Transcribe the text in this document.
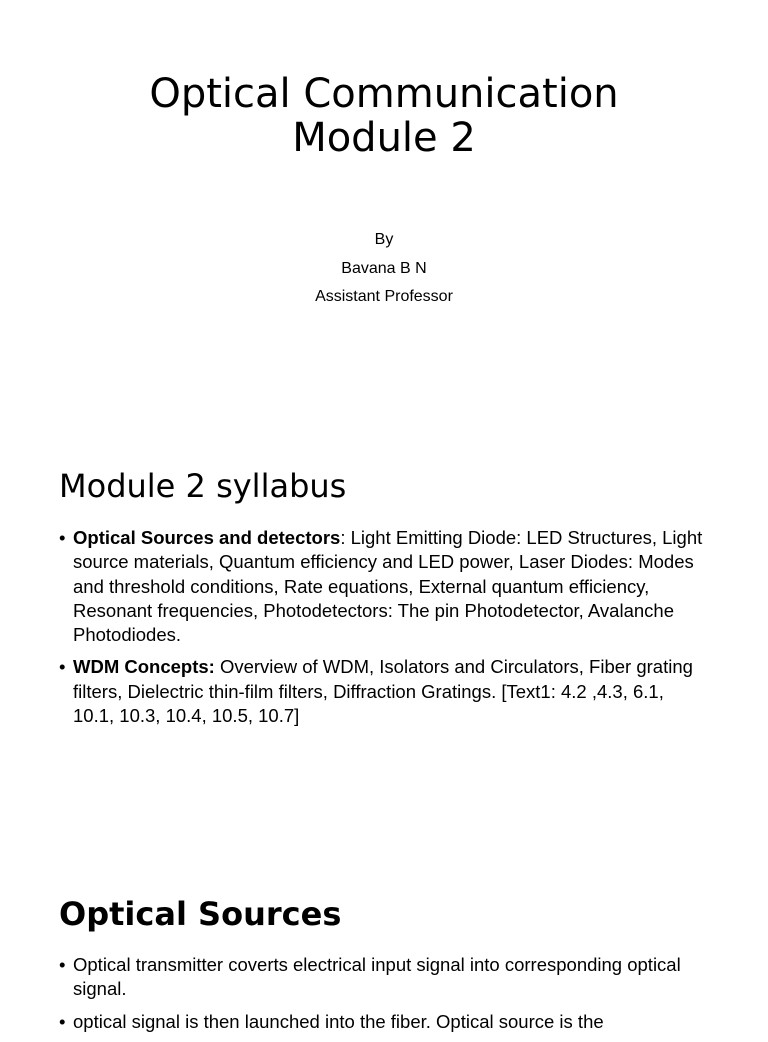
Optical Communication
Module 2
By
Bavana B N
Assistant Professor
Module 2 syllabus
• Optical Sources and detectors: Light Emitting Diode: LED Structures, Light source materials, Quantum efficiency and LED power, Laser Diodes: Modes and threshold conditions, Rate equations, External quantum efficiency, Resonant frequencies, Photodetectors: The pin Photodetector, Avalanche Photodiodes.
• WDM Concepts: Overview of WDM, Isolators and Circulators, Fiber grating filters, Dielectric thin-film filters, Diffraction Gratings. [Text1: 4.2 ,4.3, 6.1, 10.1, 10.3, 10.4, 10.5, 10.7]
Optical Sources
• Optical transmitter coverts electrical input signal into corresponding optical signal.
• optical signal is then launched into the fiber. Optical source is the
